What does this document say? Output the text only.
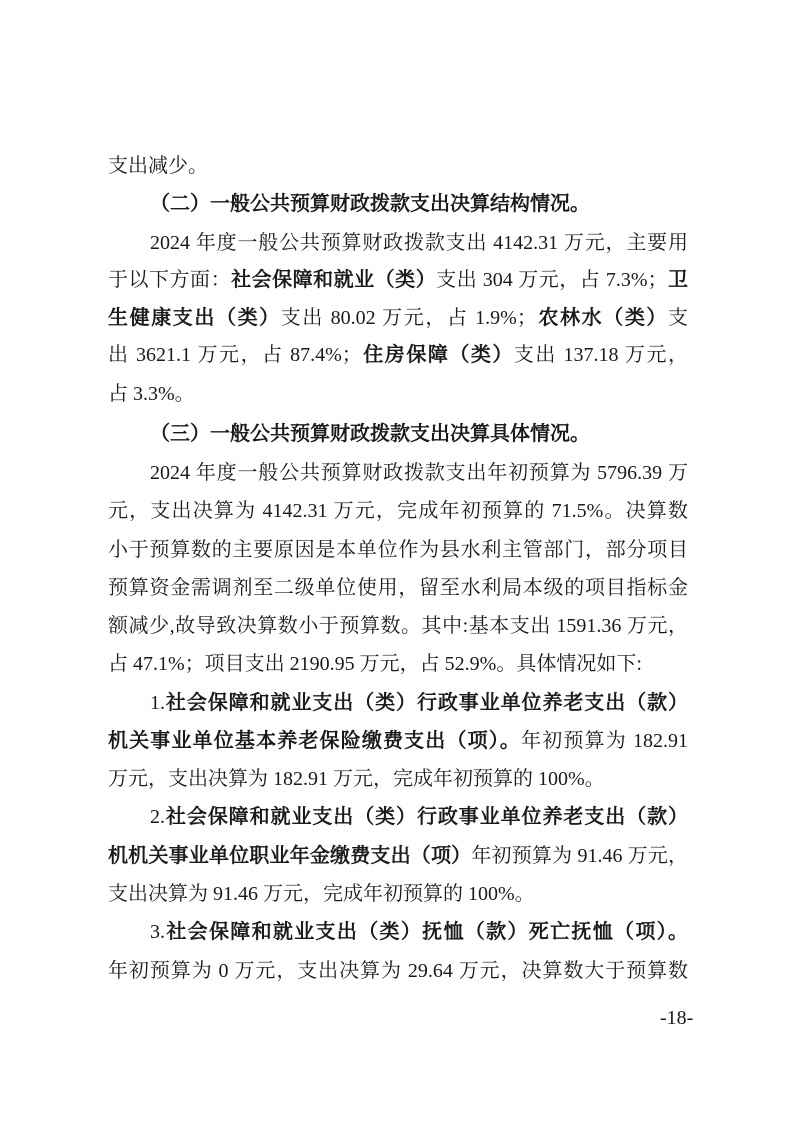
支出减少。
（二）一般公共预算财政拨款支出决算结构情况。
2024 年度一般公共预算财政拨款支出 4142.31 万元，主要用
于以下方面：社会保障和就业（类）支出 304 万元，占 7.3%；卫
生健康支出（类）支出 80.02 万元，占 1.9%；农林水（类）支
出 3621.1 万元，占 87.4%；住房保障（类）支出 137.18 万元，
占 3.3%。
（三）一般公共预算财政拨款支出决算具体情况。
2024 年度一般公共预算财政拨款支出年初预算为 5796.39 万
元，支出决算为 4142.31 万元，完成年初预算的 71.5%。决算数
小于预算数的主要原因是本单位作为县水利主管部门，部分项目
预算资金需调剂至二级单位使用，留至水利局本级的项目指标金
额减少,故导致决算数小于预算数。其中:基本支出 1591.36 万元，
占 47.1%；项目支出 2190.95 万元，占 52.9%。具体情况如下:
1.社会保障和就业支出（类）行政事业单位养老支出（款）
机关事业单位基本养老保险缴费支出（项）。年初预算为 182.91
万元，支出决算为 182.91 万元，完成年初预算的 100%。
2.社会保障和就业支出（类）行政事业单位养老支出（款）
机机关事业单位职业年金缴费支出（项）年初预算为 91.46 万元，
支出决算为 91.46 万元，完成年初预算的 100%。
3.社会保障和就业支出（类）抚恤（款）死亡抚恤（项）。
年初预算为 0 万元，支出决算为 29.64 万元，决算数大于预算数
-18-
